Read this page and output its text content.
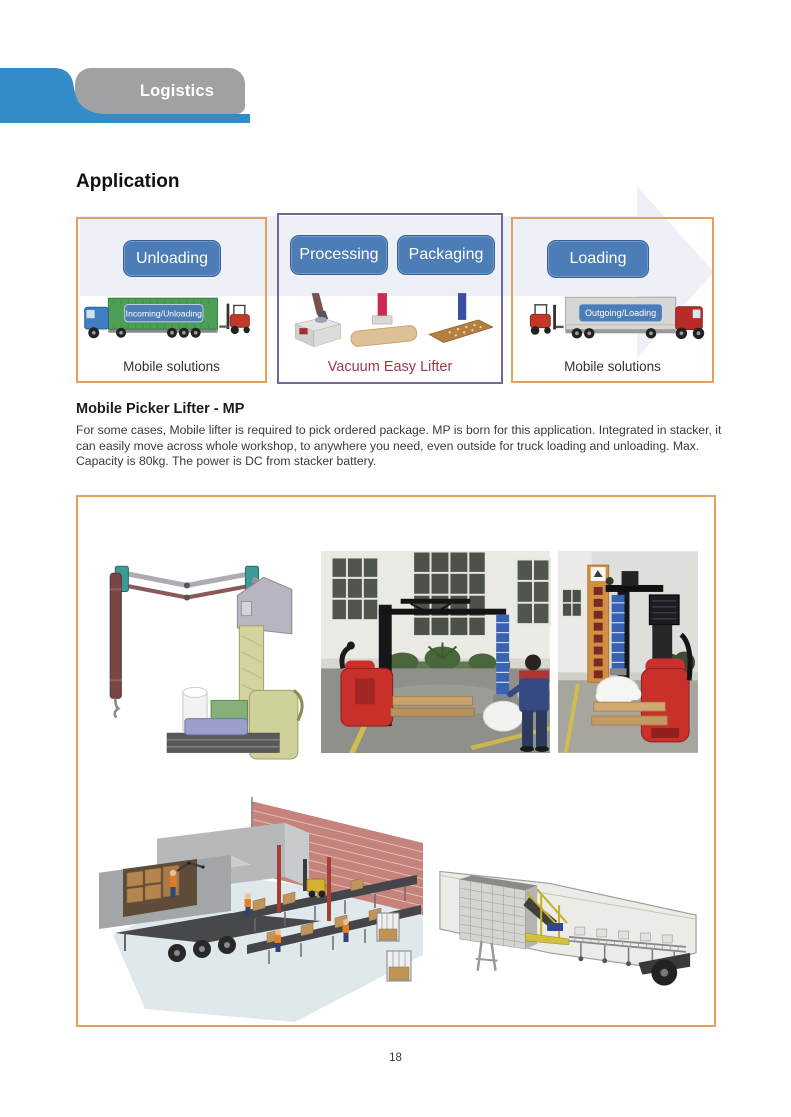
Logistics
Application
Unloading
Incoming/Unloading
Mobile solutions
Processing Packaging
Vacuum Easy Lifter
Loading
Outgoing/Loading
Mobile solutions
Mobile Picker Lifter - MP
For some cases, Mobile lifter is required to pick ordered package. MP is born for this application. Integrated in stacker, it can easily move across whole workshop, to anywhere you need, even outside for truck loading and unloading. Max. Capacity is 80kg. The power is DC from stacker battery.
18
